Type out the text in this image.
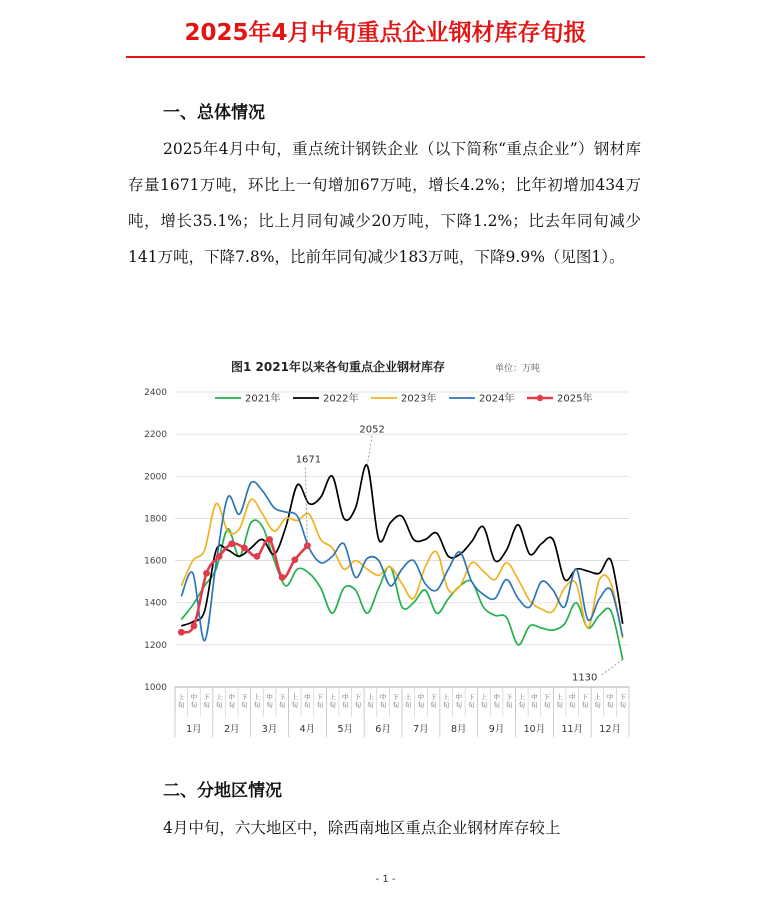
2025年4月中旬重点企业钢材库存旬报
一、总体情况

2025年4月中旬，重点统计钢铁企业（以下简称“重点企业”）钢材库存量1671万吨，环比上一旬增加67万吨，增长4.2%；比年初增加434万吨，增长35.1%；比上月同旬减少20万吨，下降1.2%；比去年同旬减少141万吨，下降7.8%，比前年同旬减少183万吨，下降9.9%（见图1）。

图1 2021年以来各旬重点企业钢材库存	单位：万吨
1000
1200
1400
1600
1800
2000
2200
2400
上旬
中旬
下旬
上旬
中旬
下旬
上旬
中旬
下旬
上旬
中旬
下旬
上旬
中旬
下旬
上旬
中旬
下旬
上旬
中旬
下旬
上旬
中旬
下旬
上旬
中旬
下旬
上旬
中旬
下旬
上旬
中旬
下旬
上旬
中旬
下旬
1月 2月 3月 4月 5月 6月 7月 8月 9月 10月 11月 12月
2021年	2022年	2023年	2024年	2025年
1671
2052
1130
二、分地区情况

4月中旬，六大地区中，除西南地区重点企业钢材库存较上

- 1 -
